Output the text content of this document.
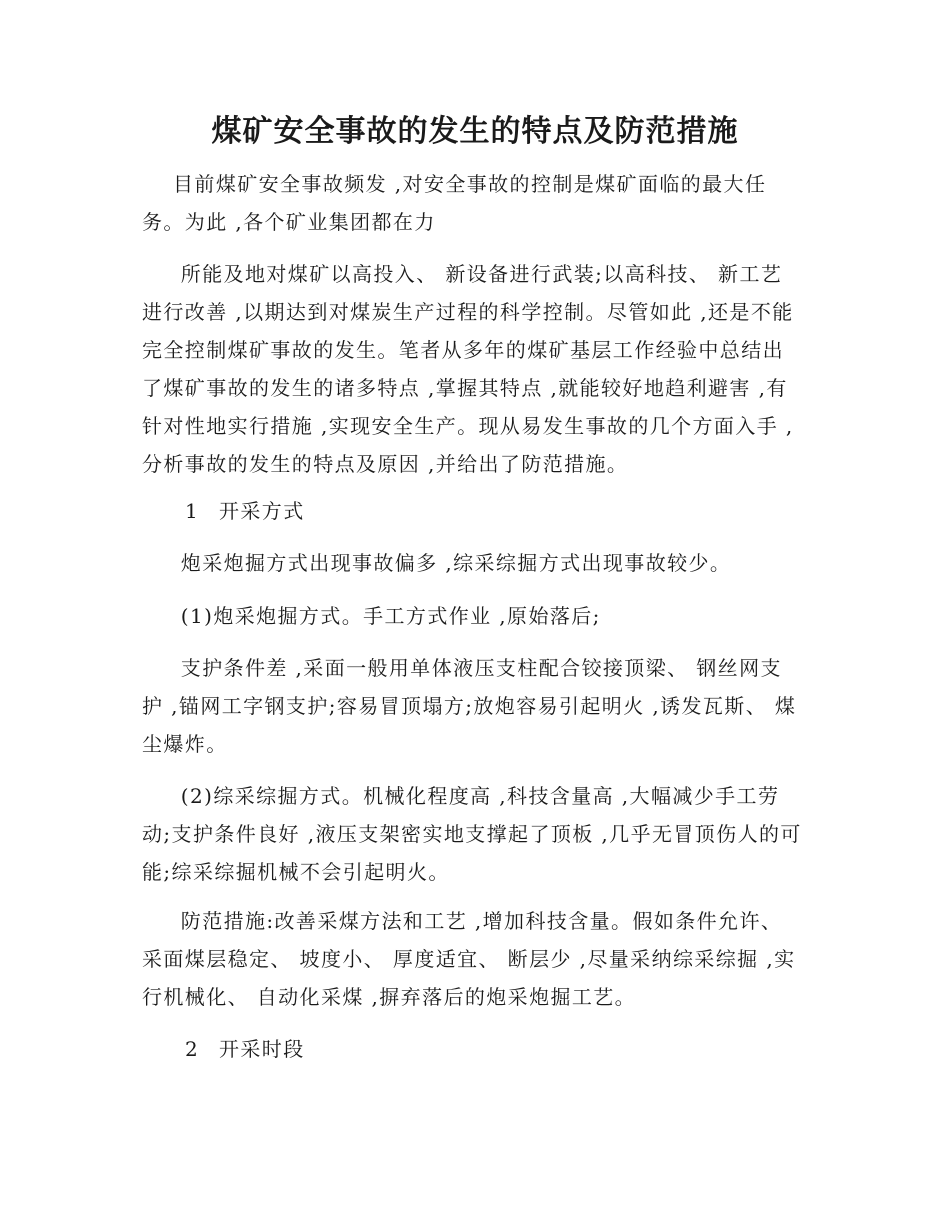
煤矿安全事故的发生的特点及防范措施

目前煤矿安全事故频发 ,对安全事故的控制是煤矿面临的最大任务。为此 ,各个矿业集团都在力

所能及地对煤矿以高投入、 新设备进行武装;以高科技、 新工艺进行改善 ,以期达到对煤炭生产过程的科学控制。尽管如此 ,还是不能完全控制煤矿事故的发生。笔者从多年的煤矿基层工作经验中总结出了煤矿事故的发生的诸多特点 ,掌握其特点 ,就能较好地趋利避害 ,有针对性地实行措施 ,实现安全生产。现从易发生事故的几个方面入手 ,分析事故的发生的特点及原因 ,并给出了防范措施。

1 开采方式

炮采炮掘方式出现事故偏多 ,综采综掘方式出现事故较少。

(1)炮采炮掘方式。手工方式作业 ,原始落后;

支护条件差 ,采面一般用单体液压支柱配合铰接顶梁、 钢丝网支护 ,锚网工字钢支护;容易冒顶塌方;放炮容易引起明火 ,诱发瓦斯、 煤尘爆炸。

(2)综采综掘方式。机械化程度高 ,科技含量高 ,大幅减少手工劳动;支护条件良好 ,液压支架密实地支撑起了顶板 ,几乎无冒顶伤人的可能;综采综掘机械不会引起明火。

防范措施:改善采煤方法和工艺 ,增加科技含量。假如条件允许、 采面煤层稳定、 坡度小、 厚度适宜、 断层少 ,尽量采纳综采综掘 ,实行机械化、 自动化采煤 ,摒弃落后的炮采炮掘工艺。

2 开采时段
